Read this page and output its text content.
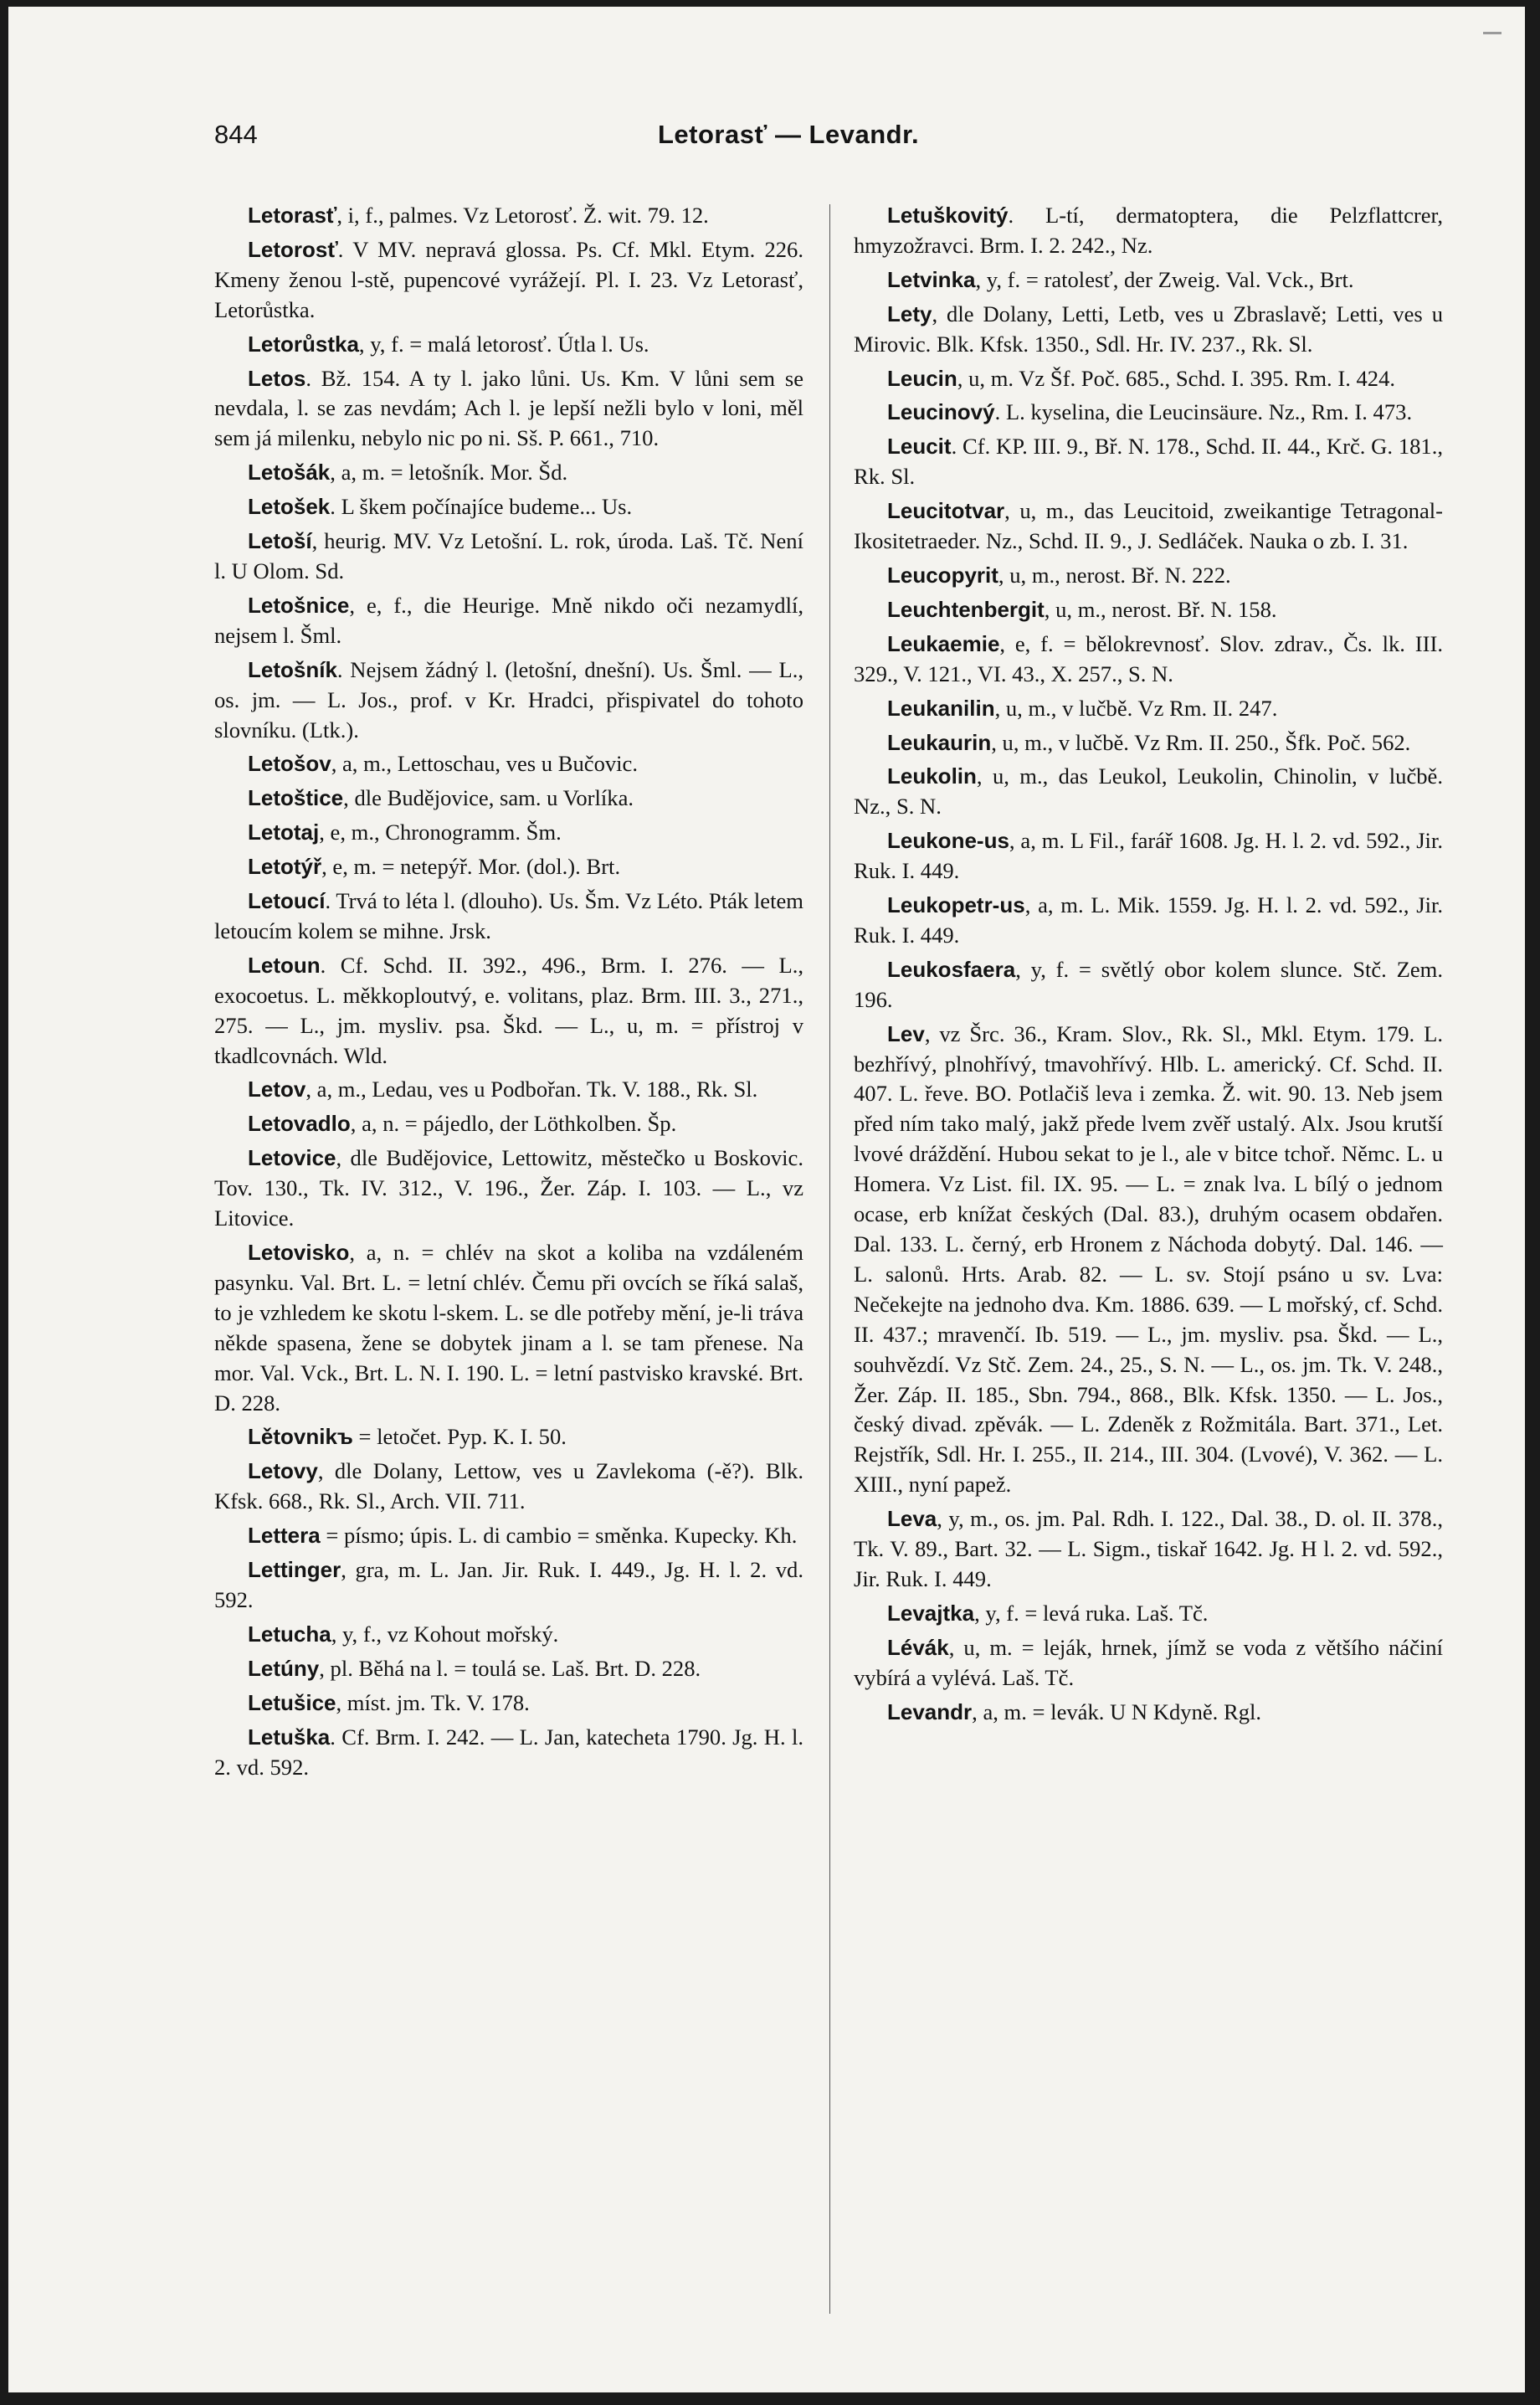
844	Letorasť — Levandr.

Letorasť, i, f., palmes. Vz Letorosť. Ž. wit. 79. 12.

Letorosť. V MV. nepravá glossa. Ps. Cf. Mkl. Etym. 226. Kmeny ženou l-stě, pupencové vyrážejí. Pl. I. 23. Vz Letorasť, Letorůstka.

Letorůstka, y, f. = malá letorosť. Útla l. Us.

Letos. Bž. 154. A ty l. jako lůni. Us. Km. V lůni sem se nevdala, l. se zas nevdám; Ach l. je lepší nežli bylo v loni, měl sem já milenku, nebylo nic po ni. Sš. P. 661., 710.

Letošák, a, m. = letošník. Mor. Šd.

Letošek. L škem počínajíce budeme... Us.

Letoší, heurig. MV. Vz Letošní. L. rok, úroda. Laš. Tč. Není l. U Olom. Sd.

Letošnice, e, f., die Heurige. Mně nikdo oči nezamydlí, nejsem l. Šml.

Letošník. Nejsem žádný l. (letošní, dnešní). Us. Šml. — L., os. jm. — L. Jos., prof. v Kr. Hradci, přispivatel do tohoto slovníku. (Ltk.).

Letošov, a, m., Lettoschau, ves u Bučovic.

Letoštice, dle Budějovice, sam. u Vorlíka.

Letotaj, e, m., Chronogramm. Šm.

Letotýř, e, m. = netepýř. Mor. (dol.). Brt.

Letoucí. Trvá to léta l. (dlouho). Us. Šm. Vz Léto. Pták letem letoucím kolem se mihne. Jrsk.

Letoun. Cf. Schd. II. 392., 496., Brm. I. 276. — L., exocoetus. L. měkkoploutvý, e. volitans, plaz. Brm. III. 3., 271., 275. — L., jm. mysliv. psa. Škd. — L., u, m. = přístroj v tkadlcovnách. Wld.

Letov, a, m., Ledau, ves u Podbořan. Tk. V. 188., Rk. Sl.

Letovadlo, a, n. = pájedlo, der Löthkolben. Šp.

Letovice, dle Budějovice, Lettowitz, městečko u Boskovic. Tov. 130., Tk. IV. 312., V. 196., Žer. Záp. I. 103. — L., vz Litovice.

Letovisko, a, n. = chlév na skot a koliba na vzdáleném pasynku. Val. Brt. L. = letní chlév. Čemu při ovcích se říká salaš, to je vzhledem ke skotu l-skem. L. se dle potřeby mění, je-li tráva někde spasena, žene se dobytek jinam a l. se tam přenese. Na mor. Val. Vck., Brt. L. N. I. 190. L. = letní pastvisko kravské. Brt. D. 228.

Lětovnikъ = letočet. Pyp. K. I. 50.

Letovy, dle Dolany, Lettow, ves u Zavlekoma (-ě?). Blk. Kfsk. 668., Rk. Sl., Arch. VII. 711.

Lettera = písmo; úpis. L. di cambio = směnka. Kupecky. Kh.

Lettinger, gra, m. L. Jan. Jir. Ruk. I. 449., Jg. H. l. 2. vd. 592.

Letucha, y, f., vz Kohout mořský.

Letúny, pl. Běhá na l. = toulá se. Laš. Brt. D. 228.

Letušice, míst. jm. Tk. V. 178.

Letuška. Cf. Brm. I. 242. — L. Jan, katecheta 1790. Jg. H. l. 2. vd. 592.

Letuškovitý. L-tí, dermatoptera, die Pelzflattcrer, hmyzožravci. Brm. I. 2. 242., Nz.

Letvinka, y, f. = ratolesť, der Zweig. Val. Vck., Brt.

Lety, dle Dolany, Letti, Letb, ves u Zbraslavě; Letti, ves u Mirovic. Blk. Kfsk. 1350., Sdl. Hr. IV. 237., Rk. Sl.

Leucin, u, m. Vz Šf. Poč. 685., Schd. I. 395. Rm. I. 424.

Leucinový. L. kyselina, die Leucinsäure. Nz., Rm. I. 473.

Leucit. Cf. KP. III. 9., Bř. N. 178., Schd. II. 44., Krč. G. 181., Rk. Sl.

Leucitotvar, u, m., das Leucitoid, zweikantige Tetragonal-Ikositetraeder. Nz., Schd. II. 9., J. Sedláček. Nauka o zb. I. 31.

Leucopyrit, u, m., nerost. Bř. N. 222.

Leuchtenbergit, u, m., nerost. Bř. N. 158.

Leukaemie, e, f. = bělokrevnosť. Slov. zdrav., Čs. lk. III. 329., V. 121., VI. 43., X. 257., S. N.

Leukanilin, u, m., v lučbě. Vz Rm. II. 247.

Leukaurin, u, m., v lučbě. Vz Rm. II. 250., Šfk. Poč. 562.

Leukolin, u, m., das Leukol, Leukolin, Chinolin, v lučbě. Nz., S. N.

Leukone-us, a, m. L Fil., farář 1608. Jg. H. l. 2. vd. 592., Jir. Ruk. I. 449.

Leukopetr-us, a, m. L. Mik. 1559. Jg. H. l. 2. vd. 592., Jir. Ruk. I. 449.

Leukosfaera, y, f. = světlý obor kolem slunce. Stč. Zem. 196.

Lev, vz Šrc. 36., Kram. Slov., Rk. Sl., Mkl. Etym. 179. L. bezhřívý, plnohřívý, tmavohřívý. Hlb. L. americký. Cf. Schd. II. 407. L. řeve. BO. Potlačiš leva i zemka. Ž. wit. 90. 13. Neb jsem před ním tako malý, jakž přede lvem zvěř ustalý. Alx. Jsou krutší lvové dráždění. Hubou sekat to je l., ale v bitce tchoř. Němc. L. u Homera. Vz List. fil. IX. 95. — L. = znak lva. L bílý o jednom ocase, erb knížat českých (Dal. 83.), druhým ocasem obdařen. Dal. 133. L. černý, erb Hronem z Náchoda dobytý. Dal. 146. — L. salonů. Hrts. Arab. 82. — L. sv. Stojí psáno u sv. Lva: Nečekejte na jednoho dva. Km. 1886. 639. — L mořský, cf. Schd. II. 437.; mravenčí. Ib. 519. — L., jm. mysliv. psa. Škd. — L., souhvězdí. Vz Stč. Zem. 24., 25., S. N. — L., os. jm. Tk. V. 248., Žer. Záp. II. 185., Sbn. 794., 868., Blk. Kfsk. 1350. — L. Jos., český divad. zpěvák. — L. Zdeněk z Rožmitála. Bart. 371., Let. Rejstřík, Sdl. Hr. I. 255., II. 214., III. 304. (Lvové), V. 362. — L. XIII., nyní papež.

Leva, y, m., os. jm. Pal. Rdh. I. 122., Dal. 38., D. ol. II. 378., Tk. V. 89., Bart. 32. — L. Sigm., tiskař 1642. Jg. H l. 2. vd. 592., Jir. Ruk. I. 449.

Levajtka, y, f. = levá ruka. Laš. Tč.

Lévák, u, m. = leják, hrnek, jímž se voda z většího náčiní vybírá a vylévá. Laš. Tč.

Levandr, a, m. = levák. U N Kdyně. Rgl.
